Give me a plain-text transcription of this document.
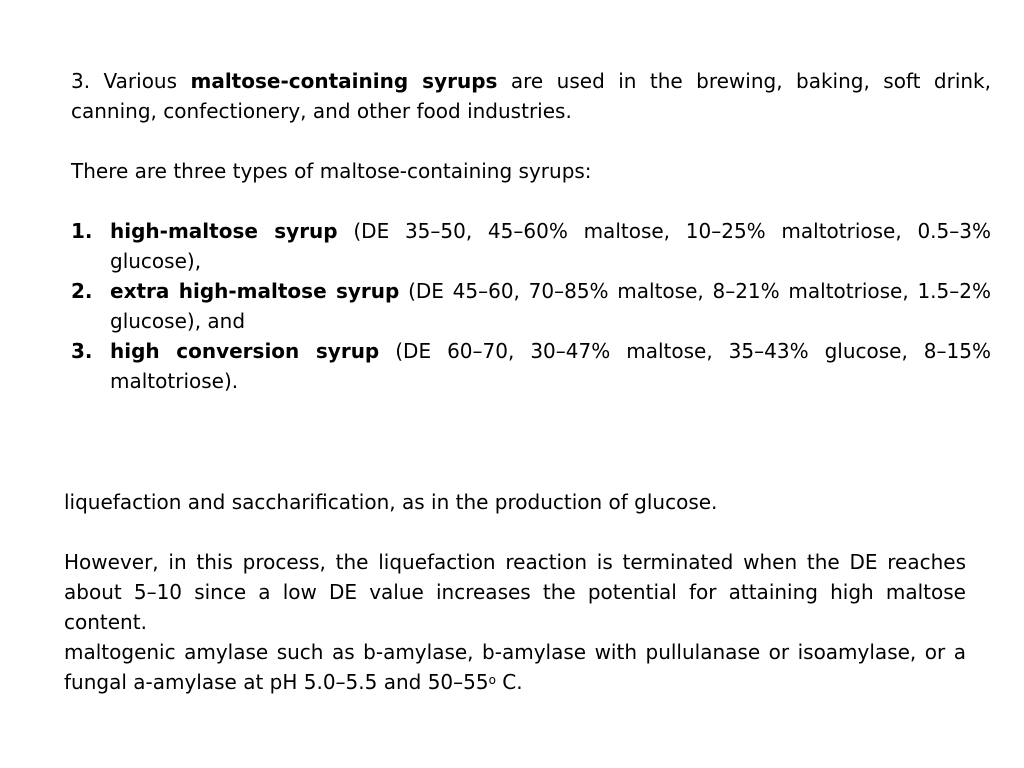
3. Various maltose-containing syrups are used in the brewing, baking, soft drink, canning, confectionery, and other food industries.

There are three types of maltose-containing syrups:

1. high-maltose syrup (DE 35–50, 45–60% maltose, 10–25% maltotriose, 0.5–3% glucose),
2. extra high-maltose syrup (DE 45–60, 70–85% maltose, 8–21% maltotriose, 1.5–2% glucose), and
3. high conversion syrup (DE 60–70, 30–47% maltose, 35–43% glucose, 8–15% maltotriose).

liquefaction and saccharification, as in the production of glucose.

However, in this process, the liquefaction reaction is terminated when the DE reaches about 5–10 since a low DE value increases the potential for attaining high maltose content.

maltogenic amylase such as b-amylase, b-amylase with pullulanase or isoamylase, or a fungal a-amylase at pH 5.0–5.5 and 50–55$^o$ C.
